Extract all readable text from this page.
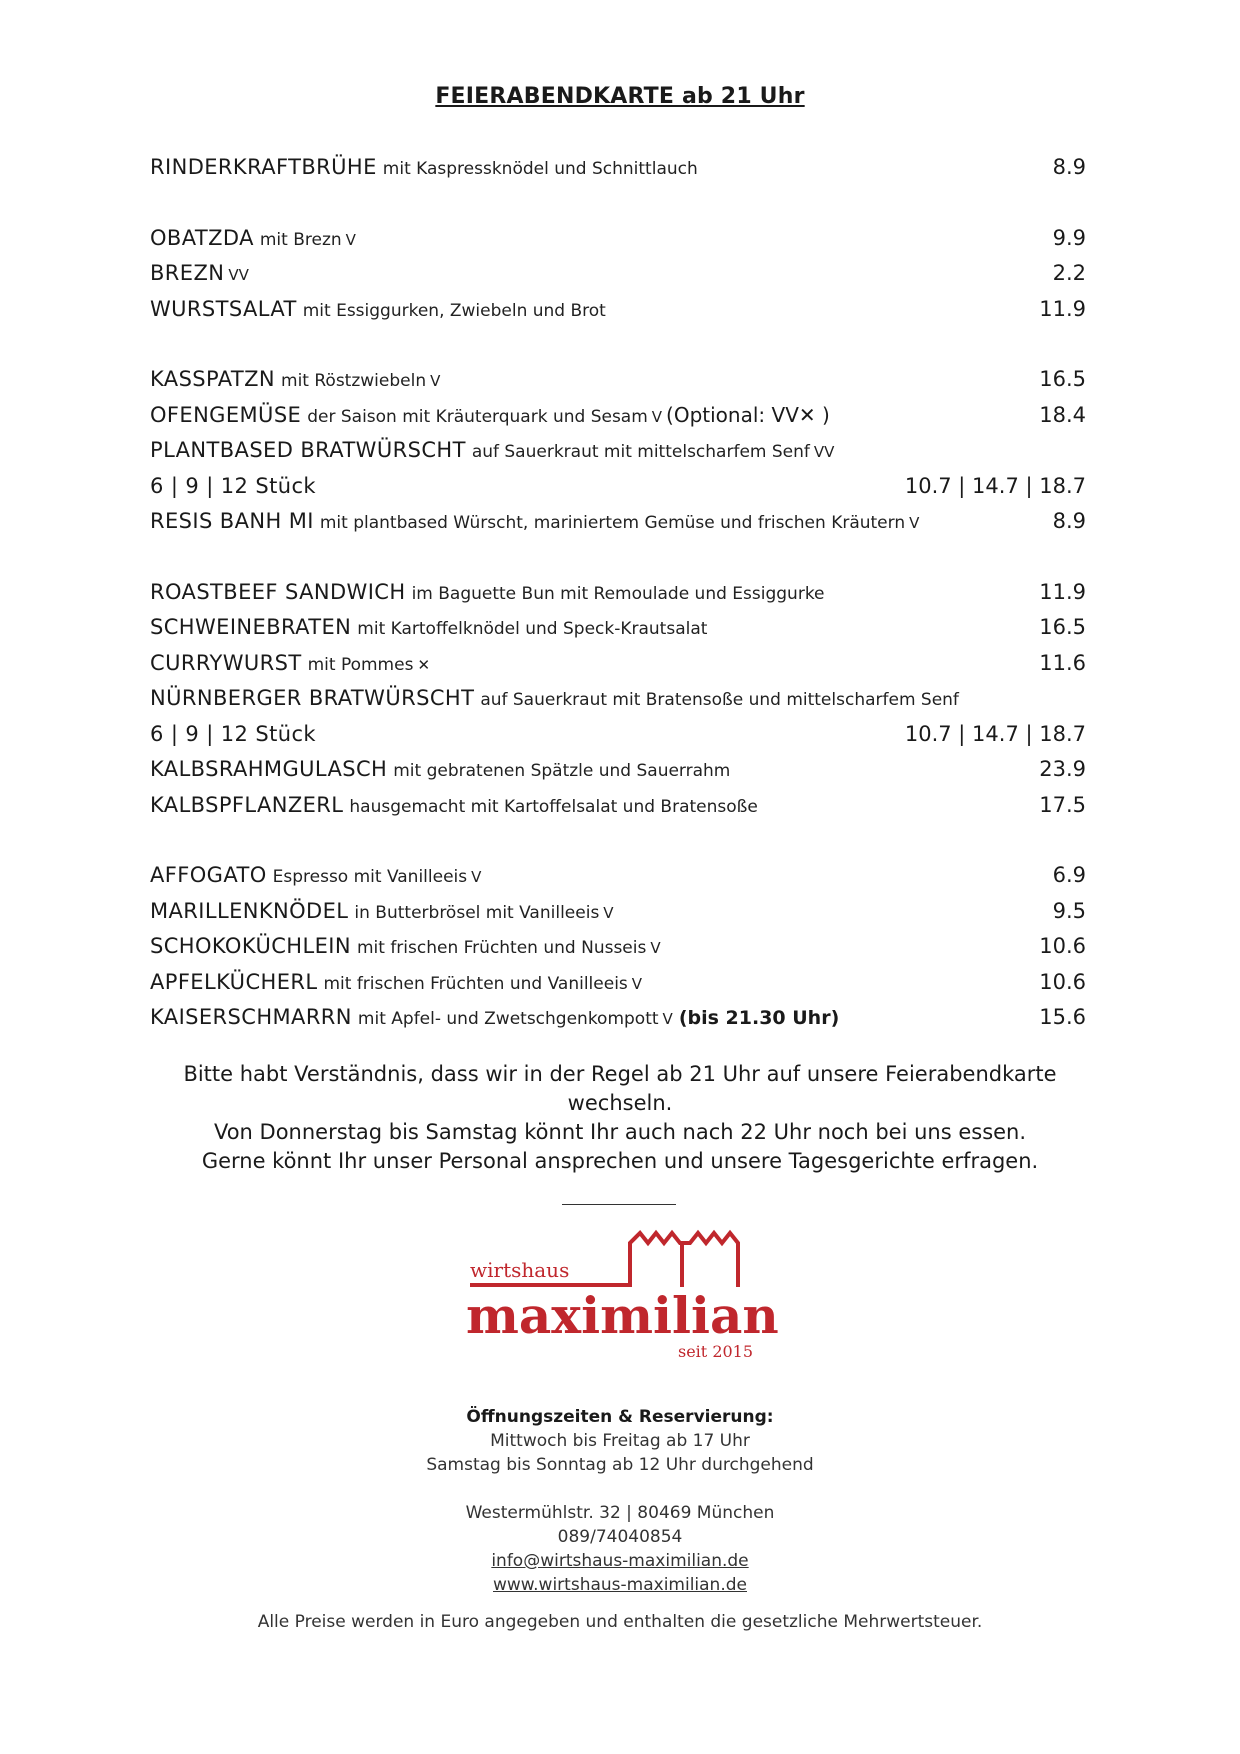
FEIERABENDKARTE ab 21 Uhr
RINDERKRAFTBRÜHE mit Kaspressknödel und Schnittlauch	8.9
OBATZDA mit Brezn V	9.9
BREZN VV	2.2
WURSTSALAT mit Essiggurken, Zwiebeln und Brot	11.9
KASSPATZN mit Röstzwiebeln V	16.5
OFENGEMÜSE der Saison mit Kräuterquark und Sesam V (Optional: VV✕ )	18.4
PLANTBASED BRATWÜRSCHT auf Sauerkraut mit mittelscharfem Senf VV
6 | 9 | 12 Stück	10.7 | 14.7 | 18.7
RESIS BANH MI mit plantbased Würscht, mariniertem Gemüse und frischen Kräutern V	8.9
ROASTBEEF SANDWICH im Baguette Bun mit Remoulade und Essiggurke	11.9
SCHWEINEBRATEN mit Kartoffelknödel und Speck-Krautsalat	16.5
CURRYWURST mit Pommes ✕	11.6
NÜRNBERGER BRATWÜRSCHT auf Sauerkraut mit Bratensoße und mittelscharfem Senf
6 | 9 | 12 Stück	10.7 | 14.7 | 18.7
KALBSRAHMGULASCH mit gebratenen Spätzle und Sauerrahm	23.9
KALBSPFLANZERL hausgemacht mit Kartoffelsalat und Bratensoße	17.5
AFFOGATO Espresso mit Vanilleeis V	6.9
MARILLENKNÖDEL in Butterbrösel mit Vanilleeis V	9.5
SCHOKOKÜCHLEIN mit frischen Früchten und Nusseis V	10.6
APFELKÜCHERL mit frischen Früchten und Vanilleeis V	10.6
KAISERSCHMARRN mit Apfel- und Zwetschgenkompott V (bis 21.30 Uhr)	15.6
Bitte habt Verständnis, dass wir in der Regel ab 21 Uhr auf unsere Feierabendkarte
wechseln.
Von Donnerstag bis Samstag könnt Ihr auch nach 22 Uhr noch bei uns essen.
Gerne könnt Ihr unser Personal ansprechen und unsere Tagesgerichte erfragen.
wirtshaus
maximilian
seit 2015
Öffnungszeiten & Reservierung:
Mittwoch bis Freitag ab 17 Uhr
Samstag bis Sonntag ab 12 Uhr durchgehend
Westermühlstr. 32 | 80469 München
089/74040854
info@wirtshaus-maximilian.de
www.wirtshaus-maximilian.de
Alle Preise werden in Euro angegeben und enthalten die gesetzliche Mehrwertsteuer.
